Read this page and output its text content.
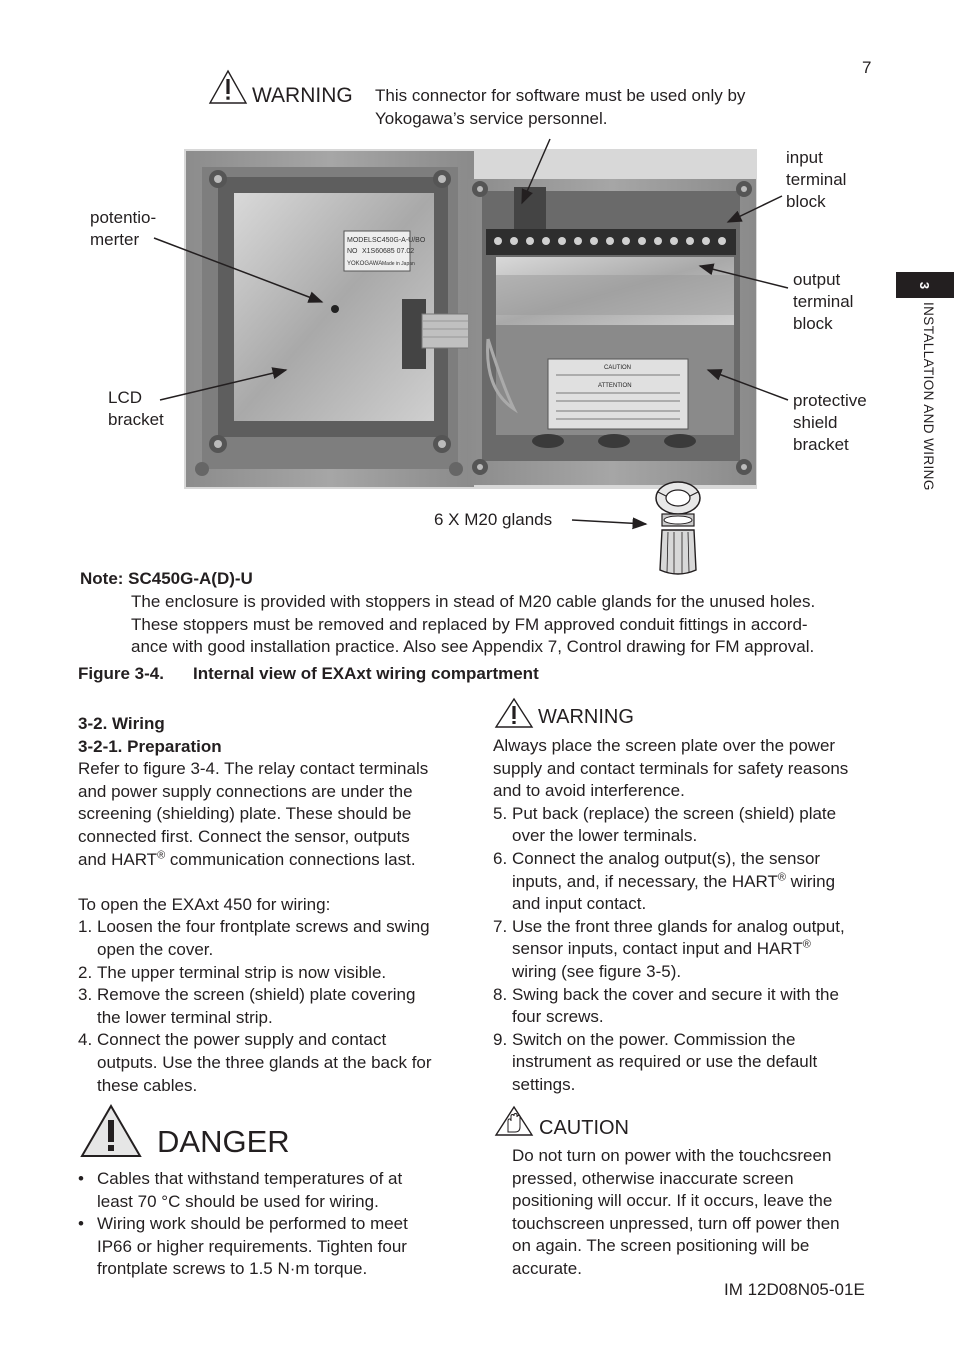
7
3
INSTALLATION AND WIRING
WARNING This connector for software must be used only by
Yokogawa’s service personnel.
MODEL SC450G-A-U/BO
NO X1S60685 07.02
YOKOGAWA Made in Japan
CAUTION
ATTENTION
potentio-
merter
LCD
bracket
input
terminal
block
output
terminal
block
protective
shield
bracket
6 X M20 glands
Note: SC450G-A(D)-U
The enclosure is provided with stoppers in stead of M20 cable glands for the unused holes.
These stoppers must be removed and replaced by FM approved conduit fittings in accord-
ance with good installation practice. Also see Appendix 7, Control drawing for FM approval.
Figure 3-4. Internal view of EXAxt wiring compartment
3-2. Wiring
3-2-1. Preparation
Refer to figure 3-4. The relay contact terminals
and power supply connections are under the
screening (shielding) plate. These should be
connected first. Connect the sensor, outputs
and HART® communication connections last.
To open the EXAxt 450 for wiring:
1. Loosen the four frontplate screws and swing
open the cover.
2. The upper terminal strip is now visible.
3. Remove the screen (shield) plate covering
the lower terminal strip.
4. Connect the power supply and contact
outputs. Use the three glands at the back for
these cables.
DANGER
• Cables that withstand temperatures of at
least 70 °C should be used for wiring.
• Wiring work should be performed to meet
IP66 or higher requirements. Tighten four
frontplate screws to 1.5 N·m torque.
WARNING
Always place the screen plate over the power
supply and contact terminals for safety reasons
and to avoid interference.
5. Put back (replace) the screen (shield) plate
over the lower terminals.
6. Connect the analog output(s), the sensor
inputs, and, if necessary, the HART® wiring
and input contact.
7. Use the front three glands for analog output,
sensor inputs, contact input and HART®
wiring (see figure 3-5).
8. Swing back the cover and secure it with the
four screws.
9. Switch on the power. Commission the
instrument as required or use the default
settings.
CAUTION
Do not turn on power with the touchcsreen
pressed, otherwise inaccurate screen
positioning will occur. If it occurs, leave the
touchscreen unpressed, turn off power then
on again. The screen positioning will be
accurate.
IM 12D08N05-01E
